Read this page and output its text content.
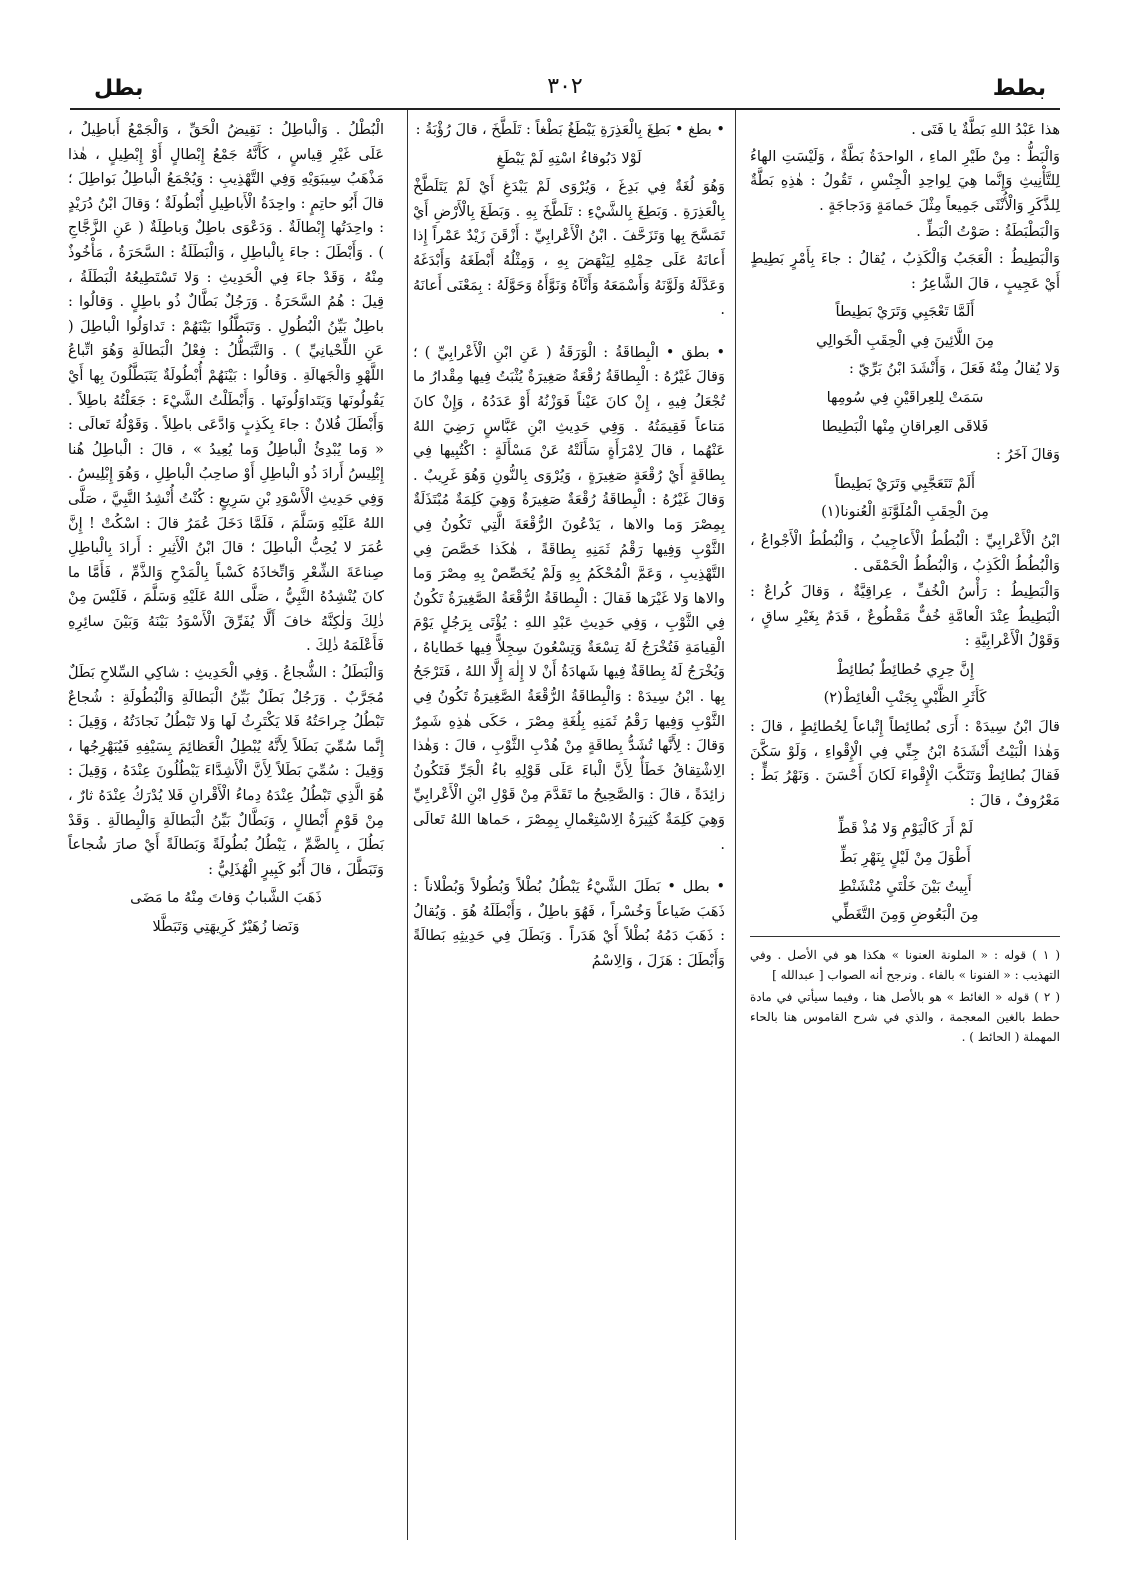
بطل	٣٠٢	بطط

هذا عَبْدُ اللهِ بَطَّةٌ يا فَتَى .

وَالْبَطُّ : مِنْ طَيْرِ الماءِ ، الواحدَةُ بَطَّةٌ ، وَلَيْسَتِ الهاءُ لِلتَّأْنِيثِ وَإِنَّما هِيَ لِواحِدِ الْجِنْسِ ، تَقُولُ : هٰذِهِ بَطَّةٌ لِلذَّكَرِ وَالْأُنْثَى جَمِيعاً مِثْلَ حَمامَةٍ وَدَجاجَةٍ .

وَالْبَطْبَطَةُ : صَوْتُ الْبَطِّ .

وَالْبَطِيطُ : الْعَجَبُ وَالْكَذِبُ ، يُقالُ : جاءَ بِأَمْرٍ بَطِيطٍ أَيْ عَجِيبٍ ، قالَ الشَّاعِرُ :

أَلَمَّا تَعْجَبِي وَتَرَيْ بَطِيطاً

مِنَ اللَّائِينَ فِي الْحِقَبِ الْخَوالِي

وَلا يُقالُ مِنْهُ فَعَلَ ، وَأَنْشَدَ ابْنُ بَرِّيّ :

سَمَتْ لِلعِراقَيْنِ فِي سُومِها

فَلاقَى العِراقانِ مِنْها الْبَطِيطا

وَقالَ آخَرُ :

أَلَمْ تَتَعَجَّبِي وَتَرَيْ بَطِيطاً

مِنَ الْحِقَبِ الْمُلَوَّنَةِ الْعُنونا(١)

ابْنُ الْأَعْرابِيِّ : الْبُطُطُ الْأَعاجِيبُ ، وَالْبُطُطُ الْأَجْواعُ ، وَالْبُطُطُ الْكَذِبُ ، وَالْبُطُطُ الْحَمْقَى .

وَالْبَطِيطُ : رَأْسُ الْخُفِّ ، عِراقِيَّةٌ ، وَقالَ كُراعٌ : الْبَطِيطُ عِنْدَ الْعامَّةِ خُفٌّ مَقْطُوعٌ ، قَدَمٌ بِغَيْرِ ساقٍ ، وَقَوْلُ الْأَعْرابِيَّةِ :

إِنَّ حِرِي حُطائِطٌ بُطائِطْ

كَأَثَرِ الظَّبْيِ بِجَنْبِ الْغائِطْ(٢)

قالَ ابْنُ سِيدَهْ : أَرَى بُطائِطاً إِتْباعاً لِحُطائِطٍ ، قالَ : وَهٰذا الْبَيْتُ أَنْشَدَهُ ابْنُ جِنِّي فِي الْإِقْواءِ ، وَلَوْ سَكَّنَ فَقالَ بُطائِطْ وَتَنَكَّبَ الْإِقْواءَ لَكانَ أَحْسَنَ . وَنَهْرُ بَطٍّ : مَعْرُوفٌ ، قالَ :

لَمْ أَرَ كَالْيَوْمِ وَلا مُذْ قَطِّ

أَطْوَلَ مِنْ لَيْلٍ بِنَهْرِ بَطِّ

أَبِيتُ بَيْنَ خَلْتَيِ مُنْشَنْطِ

مِنَ الْبَعُوضِ وَمِنَ التَّغَطِّي

( ١ ) قوله : « الملونة العنونا » هكذا هو في الأصل . وفي التهذيب : « الفنونا » بالفاء . ونرجح أنه الصواب [ عبدالله ]

( ٢ ) قوله « الغائط » هو بالأصل هنا ، وفيما سيأتي في مادة حطط بالغين المعجمة ، والذي في شرح القاموس هنا بالحاء المهملة ( الحائط ) .

• بطغ • بَطِغَ بِالْعَذِرَةِ يَبْطَغُ بَطْغاً : تَلَطَّخَ ، قالَ رُؤْبَةُ :

لَوْلا دَبُوقاءُ اسْتِهِ لَمْ يَبْطَغِ

وَهُوَ لُغَةٌ فِي بَدِغَ ، وَيُرْوَى لَمْ يَبْدَغِ أَيْ لَمْ يَتَلَطَّخْ بِالْعَذِرَةِ . وَبَطِغَ بِالشَّيْءِ : تَلَطَّخَ بِهِ . وَبَطَغَ بِالْأَرْضِ أَيْ تَمَسَّحَ بِها وَتَزَحَّفَ . ابْنُ الْأَعْرابِيِّ : أَزْقَنَ زَيْدٌ عَمْراً إِذا أَعانَهُ عَلَى حِمْلِهِ لِيَنْهَضَ بِهِ ، وَمِثْلُهُ أَبْطَغَهُ وَأَبْدَغَهُ وَعَدَّلَهُ وَلَوَّنَهُ وَأَسْمَعَهُ وَأَنْآهُ وَنَوَّأَهُ وَحَوَّلَهُ : بِمَعْنَى أَعانَهُ .

• بطق • الْبِطاقَةُ : الْوَرَقَةُ ( عَنِ ابْنِ الْأَعْرابِيِّ ) ؛ وَقالَ غَيْرُهُ : الْبِطاقَةُ رُقْعَةٌ صَغِيرَةٌ يُثْبَتُ فِيها مِقْدارُ ما تُجْعَلُ فِيهِ ، إِنْ كانَ عَيْناً فَوَزْنُهُ أَوْ عَدَدُهُ ، وَإِنْ كانَ مَتاعاً فَقِيمَتُهُ . وَفِي حَدِيثِ ابْنِ عَبَّاسٍ رَضِيَ اللهُ عَنْهُما ، قالَ لِامْرَأَةٍ سَأَلَتْهُ عَنْ مَسْأَلَةٍ : اكْتُبِيها فِي بِطاقَةٍ أَيْ رُقْعَةٍ صَغِيرَةٍ ، وَيُرْوَى بِالنُّونِ وَهُوَ غَرِيبٌ . وَقالَ غَيْرُهُ : الْبِطاقَةُ رُقْعَةٌ صَغِيرَةٌ وَهِيَ كَلِمَةٌ مُبْتَذَلَةٌ بِمِصْرَ وَما والاها ، يَدْعُونَ الرُّقْعَةَ الَّتِي تَكُونُ فِي الثَّوْبِ وَفِيها رَقْمُ ثَمَنِهِ بِطاقَةً ، هٰكَذا خَصَّصَ فِي التَّهْذِيبِ ، وَعَمَّ الْمُحْكَمُ بِهِ وَلَمْ يُخَصِّصْ بِهِ مِصْرَ وَما والاها وَلا غَيْرَها فَقالَ : الْبِطاقَةُ الرُّقْعَةُ الصَّغِيرَةُ تَكُونُ فِي الثَّوْبِ ، وَفِي حَدِيثِ عَبْدِ اللهِ : يُؤْتَى بِرَجُلٍ يَوْمَ الْقِيامَةِ فَتُخْرَجُ لَهُ تِسْعَةٌ وَتِسْعُونَ سِجِلاًّ فِيها خَطاياهُ ، وَيُخْرَجُ لَهُ بِطاقَةٌ فِيها شَهادَةُ أَنْ لا إِلٰهَ إِلَّا اللهُ ، فَتَرْجَحُ بِها . ابْنُ سِيدَهْ : وَالْبِطاقَةُ الرُّقْعَةُ الصَّغِيرَةُ تَكُونُ فِي الثَّوْبِ وَفِيها رَقْمُ ثَمَنِهِ بِلُغَةِ مِصْرَ ، حَكَى هٰذِهِ شَمِرٌ وَقالَ : لِأَنَّها تُشَدُّ بِطاقَةٍ مِنْ هُدْبِ الثَّوْبِ ، قالَ : وَهٰذا الِاشْتِقاقُ خَطَأٌ لِأَنَّ الْباءَ عَلَى قَوْلِهِ باءُ الْجَرِّ فَتَكُونُ زائِدَةً ، قالَ : وَالصَّحِيحُ ما تَقَدَّمَ مِنْ قَوْلِ ابْنِ الْأَعْرابِيِّ وَهِيَ كَلِمَةٌ كَثِيرَةُ الِاسْتِعْمالِ بِمِصْرَ ، حَماها اللهُ تَعالَى .

• بطل • بَطَلَ الشَّيْءُ يَبْطُلُ بُطْلاً وَبُطُولاً وَبُطْلاناً : ذَهَبَ ضَياعاً وَخُسْراً ، فَهُوَ باطِلٌ ، وَأَبْطَلَهُ هُوَ . وَيُقالُ : ذَهَبَ دَمُهُ بُطْلاً أَيْ هَدَراً . وَبَطَلَ فِي حَدِيثِهِ بَطالَةً وَأَبْطَلَ : هَزَلَ ، وَالِاسْمُ

الْبُطْلُ . وَالْباطِلُ : نَقِيضُ الْحَقِّ ، وَالْجَمْعُ أَباطِيلُ ، عَلَى غَيْرِ قِياسٍ ، كَأَنَّهُ جَمْعُ إِبْطالٍ أَوْ إِبْطِيلٍ ، هٰذا مَذْهَبُ سِيبَوَيْهِ وَفِي التَّهْذِيبِ : وَيُجْمَعُ الْباطِلُ بَواطِلَ ؛ قالَ أَبُو حاتِمٍ : واحِدَةُ الْأَباطِيلِ أُبْطُولَةٌ ؛ وَقالَ ابْنُ دُرَيْدٍ : واحِدَتُها إِبْطالَةٌ . وَدَعْوَى باطِلٌ وَباطِلَةٌ ( عَنِ الزَّجَّاجِ ) . وَأَبْطَلَ : جاءَ بِالْباطِلِ ، وَالْبَطَلَةُ : السَّحَرَةُ ، مَأْخُوذٌ مِنْهُ ، وَقَدْ جاءَ فِي الْحَدِيثِ : وَلا تَسْتَطِيعُهُ الْبَطَلَةُ ، قِيلَ : هُمُ السَّحَرَةُ . وَرَجُلٌ بَطَّالٌ ذُو باطِلٍ . وَقالُوا : باطِلٌ بَيِّنُ الْبُطُولِ . وَتَبَطَّلُوا بَيْنَهُمْ : تَداوَلُوا الْباطِلَ ( عَنِ اللِّحْيانِيِّ ) . وَالتَّبَطُّلُ : فِعْلُ الْبَطالَةِ وَهُوَ اتِّباعُ اللَّهْوِ وَالْجَهالَةِ . وَقالُوا : بَيْنَهُمْ أُبْطُولَةٌ يَتَبَطَّلُونَ بِها أَيْ يَقُولُونَها وَيَتَداوَلُونَها . وَأَبْطَلْتُ الشَّيْءَ : جَعَلْتُهُ باطِلاً . وَأَبْطَلَ فُلانٌ : جاءَ بِكَذِبٍ وَادَّعَى باطِلاً . وَقَوْلُهُ تَعالَى : « وَما يُبْدِئُ الْباطِلُ وَما يُعِيدُ » ، قالَ : الْباطِلُ هُنا إِبْلِيسُ أَرادَ ذُو الْباطِلِ أَوْ صاحِبُ الْباطِلِ ، وَهُوَ إِبْلِيسُ . وَفِي حَدِيثِ الْأَسْوَدِ بْنِ سَرِيعٍ : كُنْتُ أُنْشِدُ النَّبِيَّ ، صَلَّى اللهُ عَلَيْهِ وَسَلَّمَ ، فَلَمَّا دَخَلَ عُمَرُ قالَ : اسْكُتْ ! إِنَّ عُمَرَ لا يُحِبُّ الْباطِلَ ؛ قالَ ابْنُ الْأَثِيرِ : أَرادَ بِالْباطِلِ صِناعَةَ الشِّعْرِ وَاتِّخاذَهُ كَسْباً بِالْمَدْحِ وَالذَّمِّ ، فَأَمَّا ما كانَ يُنْشِدُهُ النَّبِيُّ ، صَلَّى اللهُ عَلَيْهِ وَسَلَّمَ ، فَلَيْسَ مِنْ ذٰلِكَ وَلٰكِنَّهُ خافَ أَلَّا يُفَرِّقَ الْأَسْوَدُ بَيْنَهُ وَبَيْنَ سائِرِهِ فَأَعْلَمَهُ ذٰلِكَ .

وَالْبَطَلُ : الشُّجاعُ . وَفِي الْحَدِيثِ : شاكِي السِّلاحِ بَطَلٌ مُجَرَّبٌ . وَرَجُلٌ بَطَلٌ بَيِّنُ الْبَطالَةِ وَالْبُطُولَةِ : شُجاعٌ تَبْطُلُ جِراحَتُهُ فَلا يَكْتَرِثُ لَها وَلا تَبْطُلُ نَجادَتُهُ ، وَقِيلَ : إِنَّما سُمِّيَ بَطَلاً لِأَنَّهُ يُبْطِلُ الْعَظائِمَ بِسَيْفِهِ فَيُبَهْرِجُها ، وَقِيلَ : سُمِّيَ بَطَلاً لِأَنَّ الْأَشِدَّاءَ يَبْطُلُونَ عِنْدَهُ ، وَقِيلَ : هُوَ الَّذِي تَبْطُلُ عِنْدَهُ دِماءُ الْأَقْرانِ فَلا يُدْرَكُ عِنْدَهُ ثارٌ ، مِنْ قَوْمٍ أَبْطالٍ ، وَبَطَّالٌ بَيِّنُ الْبَطالَةِ وَالْبِطالَةِ . وَقَدْ بَطُلَ ، بِالضَّمِّ ، يَبْطُلُ بُطُولَةً وَبَطالَةً أَيْ صارَ شُجاعاً وَتَبَطَّلَ ، قالَ أَبُو كَبِيرٍ الْهُذَلِيُّ :

ذَهَبَ الشَّبابُ وَفاتَ مِنْهُ ما مَضَى

وَنَضا زُهَيْرٌ كَرِيهَتِي وَتَبَطَّلا
